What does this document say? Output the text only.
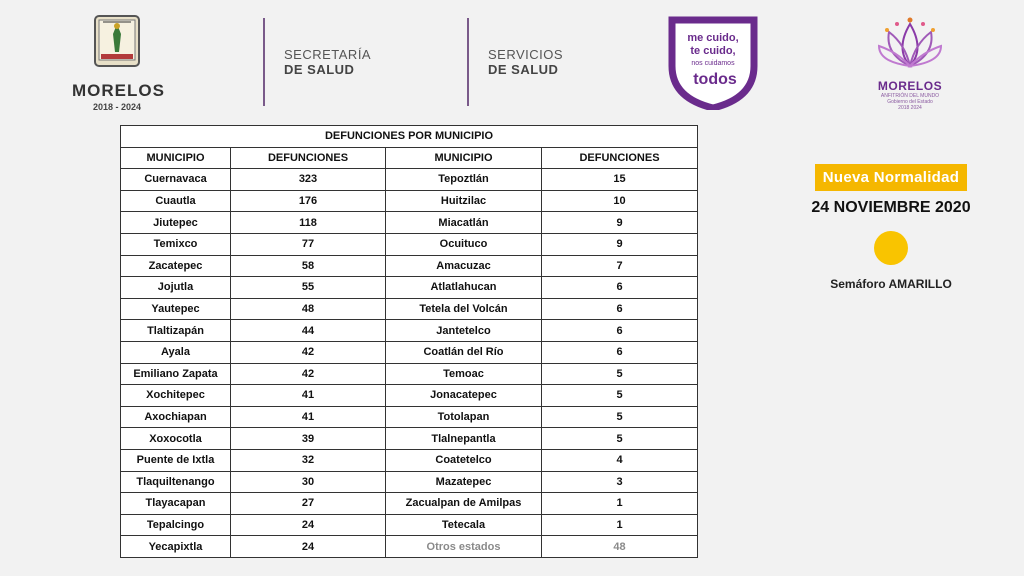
MORELOS
2018 - 2024
SECRETARÍA
DE SALUD
SERVICIOS
DE SALUD
me cuido,
te cuido,
nos cuidamos
todos	MORELOS
ANFITRIÓN DEL MUNDO
Gobierno del Estado
2018 2024
DEFUNCIONES POR MUNICIPIO			
MUNICIPIO	DEFUNCIONES	MUNICIPIO	DEFUNCIONES
Cuernavaca	323	Tepoztlán	15
Cuautla	176	Huitzilac	10
Jiutepec	118	Miacatlán	9
Temixco	77	Ocuituco	9
Zacatepec	58	Amacuzac	7
Jojutla	55	Atlatlahucan	6
Yautepec	48	Tetela del Volcán	6
Tlaltizapán	44	Jantetelco	6
Ayala	42	Coatlán del Río	6
Emiliano Zapata	42	Temoac	5
Xochitepec	41	Jonacatepec	5
Axochiapan	41	Totolapan	5
Xoxocotla	39	Tlalnepantla	5
Puente de Ixtla	32	Coatetelco	4
Tlaquiltenango	30	Mazatepec	3
Tlayacapan	27	Zacualpan de Amilpas	1
Tepalcingo	24	Tetecala	1
Yecapixtla	24	Otros estados	48
Nueva Normalidad
24 NOVIEMBRE 2020
Semáforo AMARILLO
